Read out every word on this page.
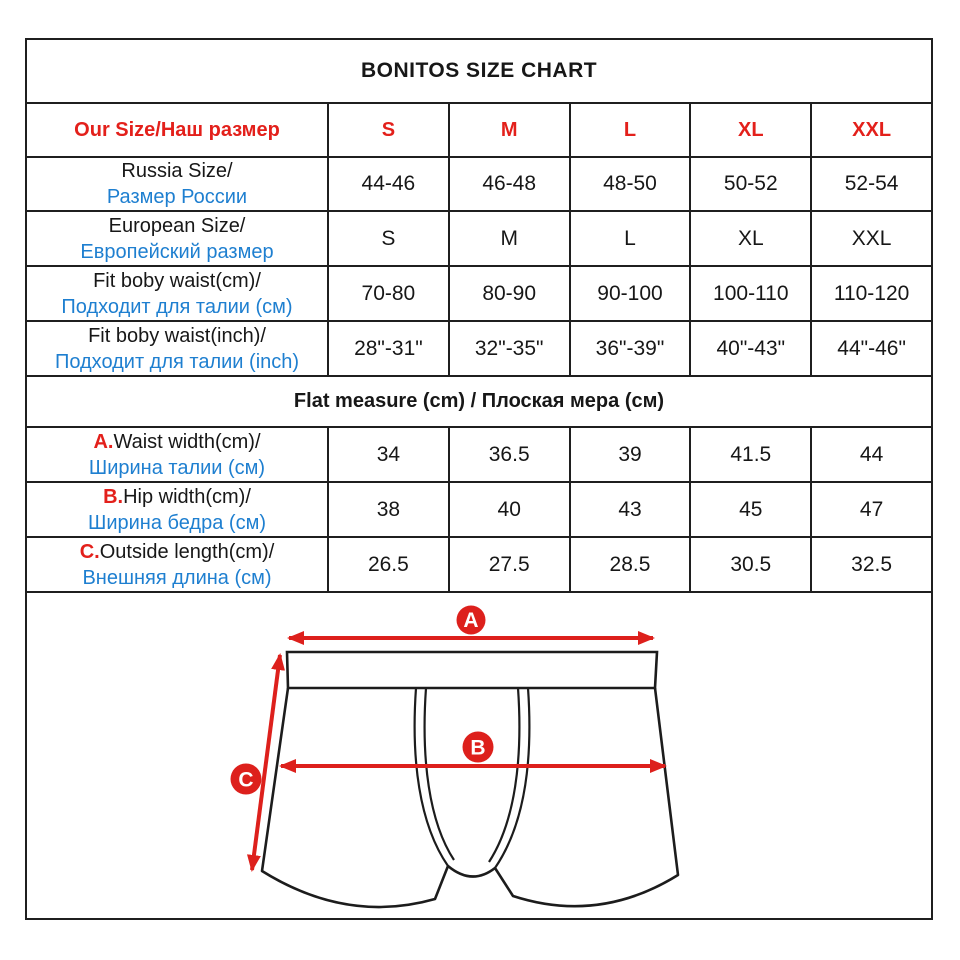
BONITOS SIZE CHART
Our Size/Наш размер	S	M	L	XL	XXL
Russia Size/
Размер России
44-46	46-48	48-50	50-52	52-54
European Size/
Европейский размер
S	M	L	XL	XXL
Fit boby waist(cm)/
Подходит для талии (см)
70-80	80-90	90-100	100-110	110-120
Fit boby waist(inch)/
Подходит для талии (inch)
28"-31"	32"-35"	36"-39"	40"-43"	44"-46"
Flat measure (cm) / Плоская мера (см)
A.Waist width(cm)/
Ширина талии (см)
34	36.5	39	41.5	44
B.Hip width(cm)/
Ширина бедра (см)
38	40	43	45	47
C.Outside length(cm)/
Внешняя длина (см)
26.5	27.5	28.5	30.5	32.5
A
B
C
